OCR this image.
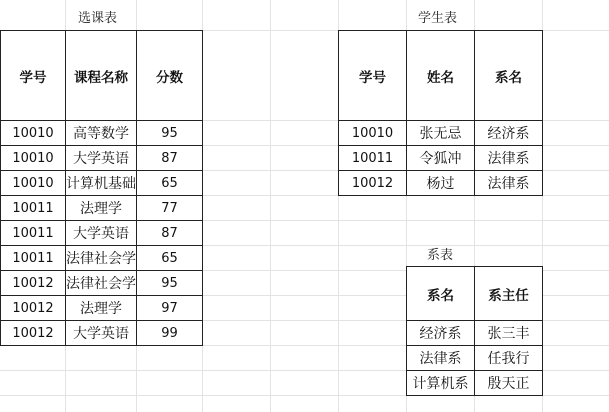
选课表
学号	课程名称	分数
10010	高等数学	95
10010	大学英语	87
10010	计算机基础	65
10011	法理学	77
10011	大学英语	87
10011	法律社会学	65
10012	法律社会学	95
10012	法理学	97
10012	大学英语	99
学生表
学号	姓名	系名
10010	张无忌	经济系
10011	令狐冲	法律系
10012	杨过	法律系
系表
系名	系主任
经济系	张三丰
法律系	任我行
计算机系	殷天正
